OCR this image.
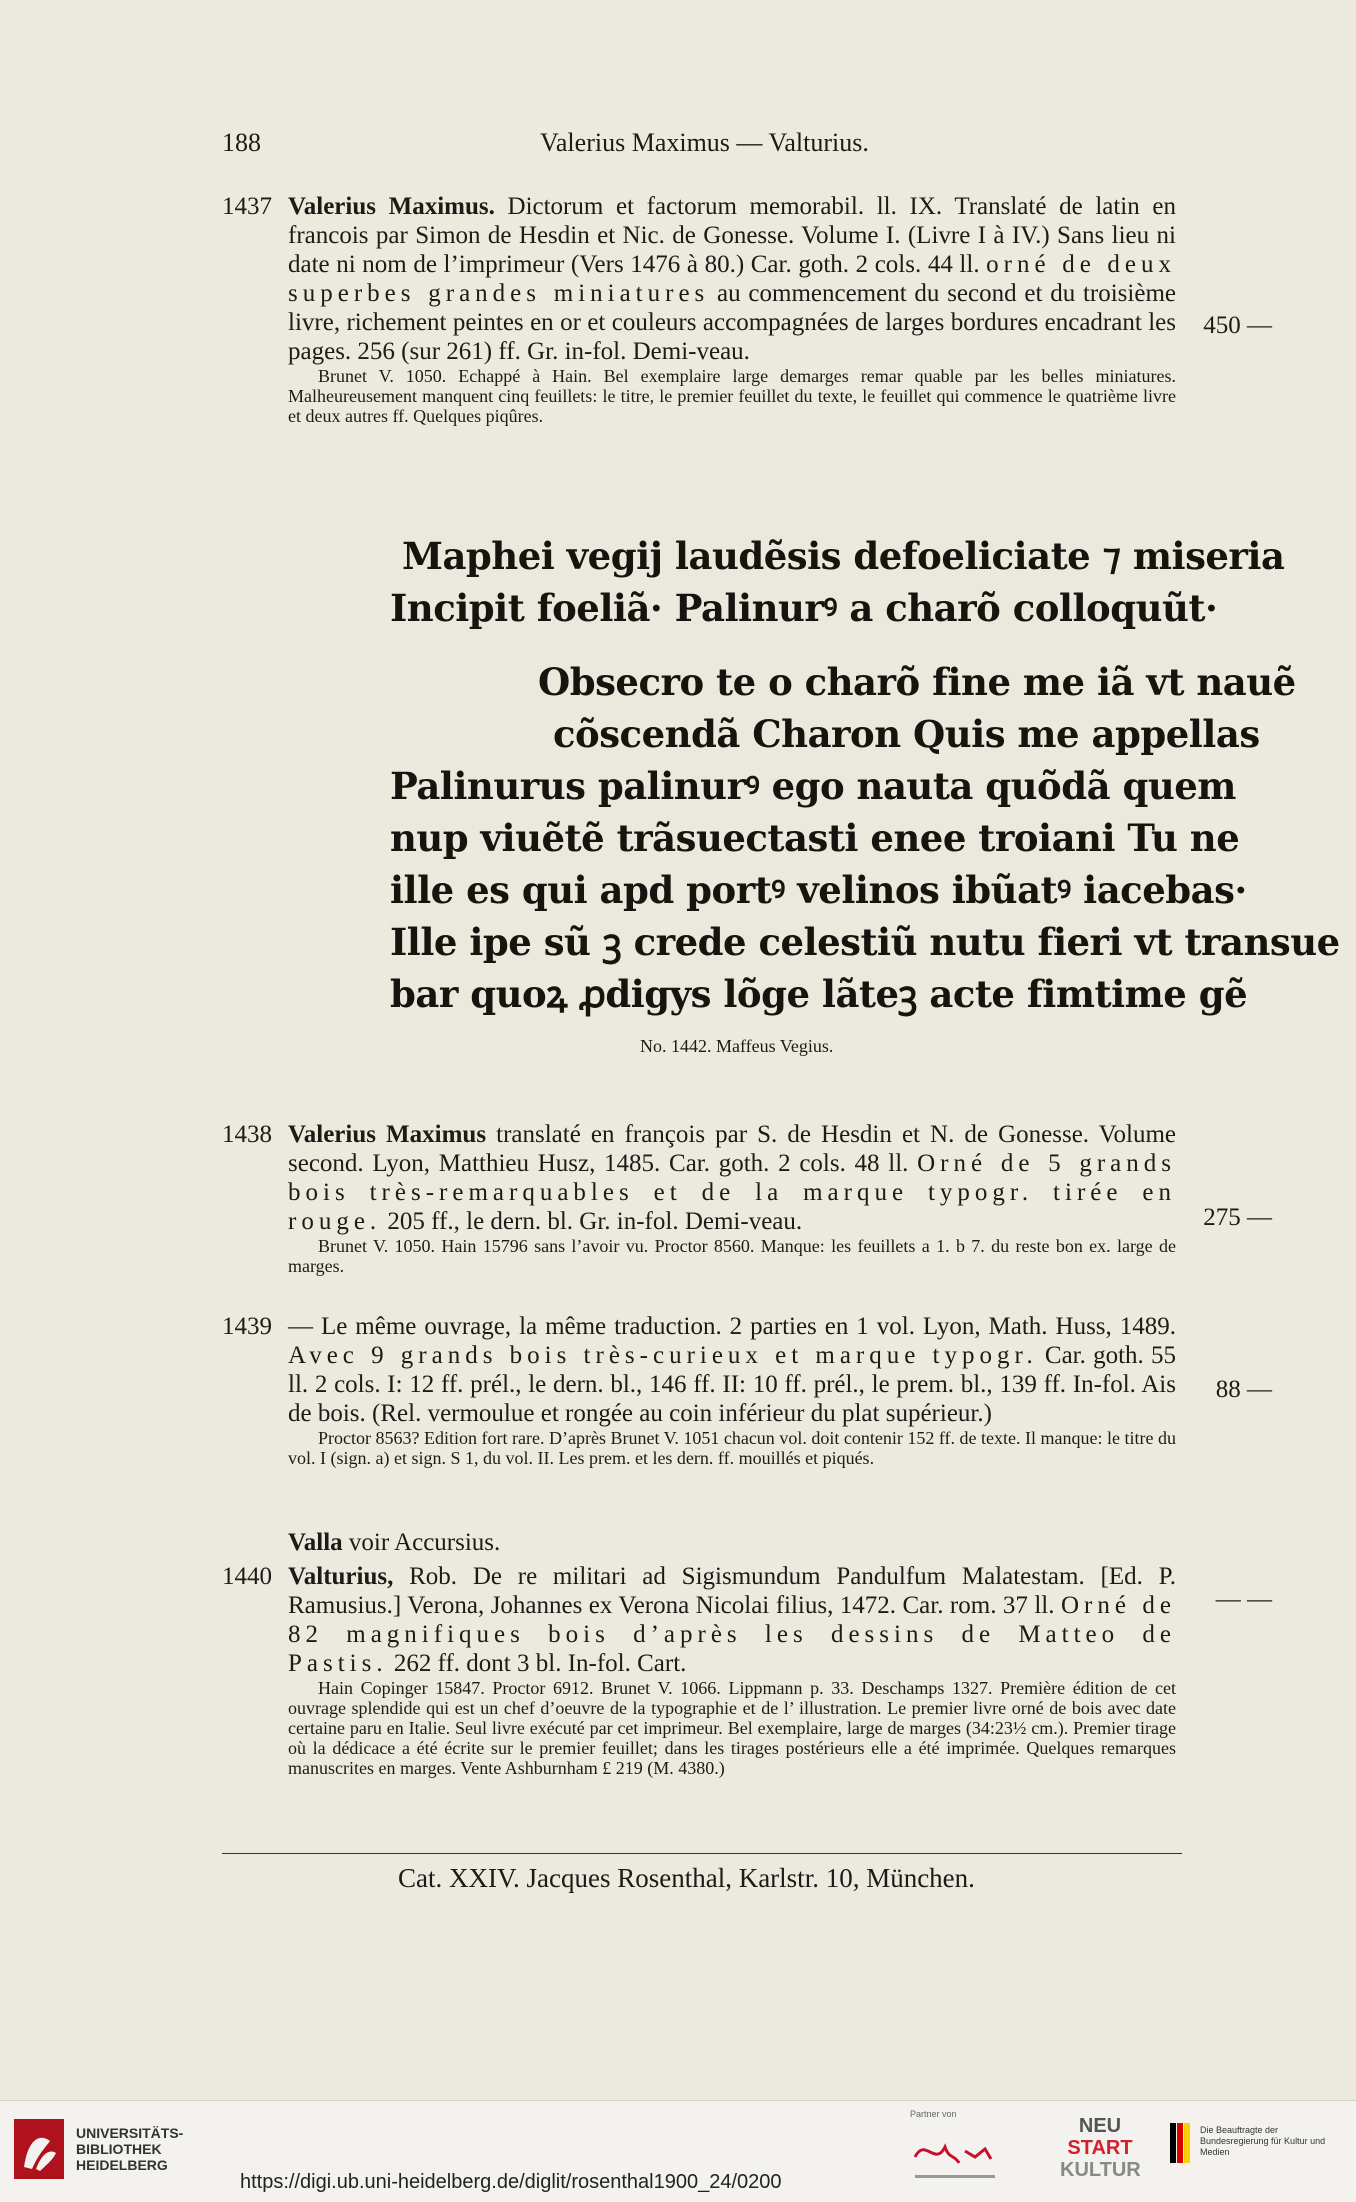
188	Valerius Maximus — Valturius.
1437 Valerius Maximus. Dictorum et factorum memorabil. ll. IX. Translaté de latin en francois par Simon de Hesdin et Nic. de Gonesse. Volume I. (Livre I à IV.) Sans lieu ni date ni nom de l’imprimeur (Vers 1476 à 80.) Car. goth. 2 cols. 44 ll. orné de deux superbes grandes miniatures au commencement du second et du troisième livre, richement peintes en or et couleurs accompagnées de larges bordures encadrant les pages. 256 (sur 261) ff. Gr. in-fol. Demi-veau.
Brunet V. 1050. Echappé à Hain. Bel exemplaire large demarges remar quable par les belles miniatures. Malheureusement manquent cinq feuillets: le titre, le premier feuillet du texte, le feuillet qui commence le quatrième livre et deux autres ff. Quelques piqûres.
450 —
Maphei vegij laudẽsis defoeliciate ⁊ miseria
Incipit foeliã· Palinurꝰ a charõ colloquũt·
Obsecro te o charõ fine me iã vt nauẽ
cõscendã Charon Quis me appellas
Palinurus palinurꝰ ego nauta quõdã quem
nup viuẽtẽ trãsuectasti enee troiani Tu ne
ille es qui apd portꝰ velinos ibũatꝰ iacebas·
Ille ipe sũ ꝫ crede celestiũ nutu fieri vt transue
bar quoꝝ ꝓdigys lõge lãteꝫ acte fimtime gẽ
No. 1442. Maffeus Vegius.
1438 Valerius Maximus translaté en françois par S. de Hesdin et N. de Gonesse. Volume second. Lyon, Matthieu Husz, 1485. Car. goth. 2 cols. 48 ll. Orné de 5 grands bois très-remarquables et de la marque typogr. tirée en rouge. 205 ff., le dern. bl. Gr. in-fol. Demi-veau.
Brunet V. 1050. Hain 15796 sans l’avoir vu. Proctor 8560. Manque: les feuillets a 1. b 7. du reste bon ex. large de marges.
275 —
1439 — Le même ouvrage, la même traduction. 2 parties en 1 vol. Lyon, Math. Huss, 1489. Avec 9 grands bois très-curieux et marque typogr. Car. goth. 55 ll. 2 cols. I: 12 ff. prél., le dern. bl., 146 ff. II: 10 ff. prél., le prem. bl., 139 ff. In-fol. Ais de bois. (Rel. vermoulue et rongée au coin inférieur du plat supérieur.)
Proctor 8563? Edition fort rare. D’après Brunet V. 1051 chacun vol. doit contenir 152 ff. de texte. Il manque: le titre du vol. I (sign. a) et sign. S 1, du vol. II. Les prem. et les dern. ff. mouillés et piqués.
88 —
Valla voir Accursius.
1440 Valturius, Rob. De re militari ad Sigismundum Pandulfum Malatestam. [Ed. P. Ramusius.] Verona, Johannes ex Verona Nicolai filius, 1472. Car. rom. 37 ll. Orné de 82 magnifiques bois d’après les dessins de Matteo de Pastis. 262 ff. dont 3 bl. In-fol. Cart.
Hain Copinger 15847. Proctor 6912. Brunet V. 1066. Lippmann p. 33. Deschamps 1327. Première édition de cet ouvrage splendide qui est un chef d’oeuvre de la typographie et de l’ illustration. Le premier livre orné de bois avec date certaine paru en Italie. Seul livre exécuté par cet imprimeur. Bel exemplaire, large de marges (34:23½ cm.). Premier tirage où la dédicace a été écrite sur le premier feuillet; dans les tirages postérieurs elle a été imprimée. Quelques remarques manuscrites en marges. Vente Ashburnham £ 219 (M. 4380.)
— —
Cat. XXIV. Jacques Rosenthal, Karlstr. 10, München.
UNIVERSITÄTS-
BIBLIOTHEK
HEIDELBERG
https://digi.ub.uni-heidelberg.de/diglit/rosenthal1900_24/0200
Partner von
NEU
START
KULTUR
Die Beauftragte der Bundesregierung für Kultur und Medien
